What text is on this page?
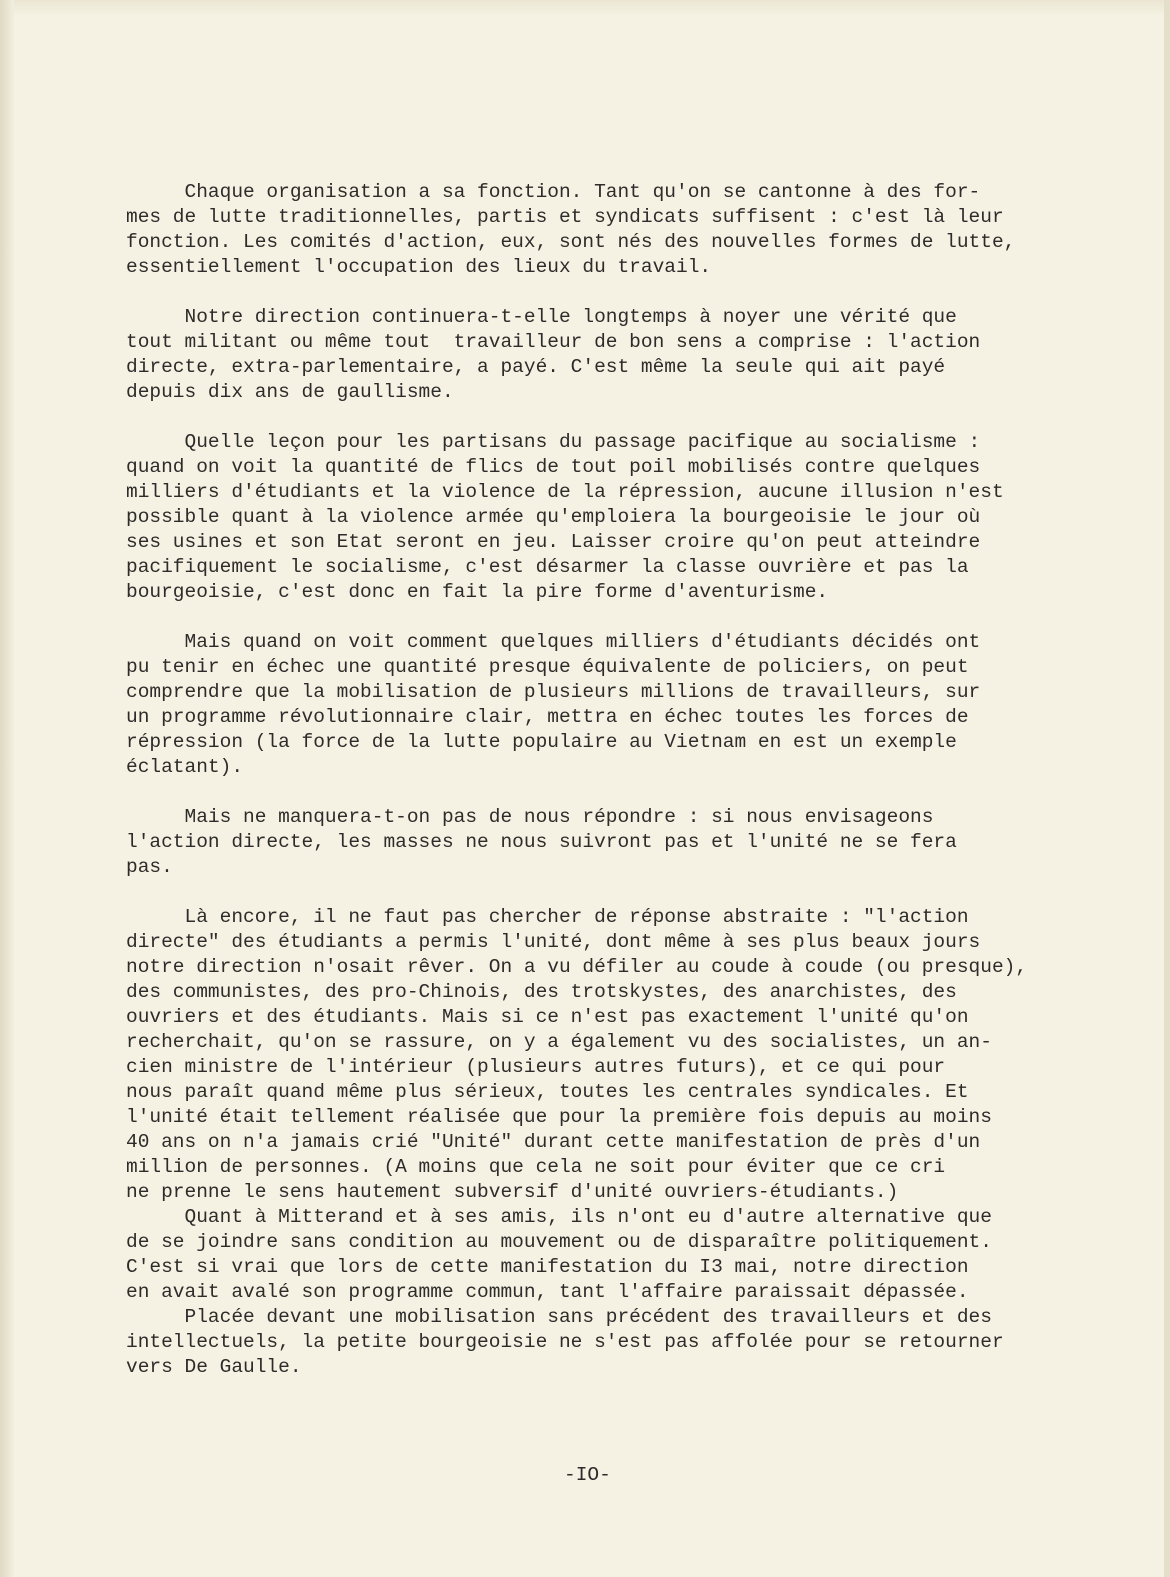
Chaque organisation a sa fonction. Tant qu'on se cantonne à des for-
mes de lutte traditionnelles, partis et syndicats suffisent : c'est là leur
fonction. Les comités d'action, eux, sont nés des nouvelles formes de lutte,
essentiellement l'occupation des lieux du travail.
Notre direction continuera-t-elle longtemps à noyer une vérité que
tout militant ou même tout  travailleur de bon sens a comprise : l'action
directe, extra-parlementaire, a payé. C'est même la seule qui ait payé
depuis dix ans de gaullisme.
Quelle leçon pour les partisans du passage pacifique au socialisme :
quand on voit la quantité de flics de tout poil mobilisés contre quelques
milliers d'étudiants et la violence de la répression, aucune illusion n'est
possible quant à la violence armée qu'emploiera la bourgeoisie le jour où
ses usines et son Etat seront en jeu. Laisser croire qu'on peut atteindre
pacifiquement le socialisme, c'est désarmer la classe ouvrière et pas la
bourgeoisie, c'est donc en fait la pire forme d'aventurisme.
Mais quand on voit comment quelques milliers d'étudiants décidés ont
pu tenir en échec une quantité presque équivalente de policiers, on peut
comprendre que la mobilisation de plusieurs millions de travailleurs, sur
un programme révolutionnaire clair, mettra en échec toutes les forces de
répression (la force de la lutte populaire au Vietnam en est un exemple
éclatant).
Mais ne manquera-t-on pas de nous répondre : si nous envisageons
l'action directe, les masses ne nous suivront pas et l'unité ne se fera
pas.
Là encore, il ne faut pas chercher de réponse abstraite : "l'action
directe" des étudiants a permis l'unité, dont même à ses plus beaux jours
notre direction n'osait rêver. On a vu défiler au coude à coude (ou presque),
des communistes, des pro-Chinois, des trotskystes, des anarchistes, des
ouvriers et des étudiants. Mais si ce n'est pas exactement l'unité qu'on
recherchait, qu'on se rassure, on y a également vu des socialistes, un an-
cien ministre de l'intérieur (plusieurs autres futurs), et ce qui pour
nous paraît quand même plus sérieux, toutes les centrales syndicales. Et
l'unité était tellement réalisée que pour la première fois depuis au moins
40 ans on n'a jamais crié "Unité" durant cette manifestation de près d'un
million de personnes. (A moins que cela ne soit pour éviter que ce cri
ne prenne le sens hautement subversif d'unité ouvriers-étudiants.)
Quant à Mitterand et à ses amis, ils n'ont eu d'autre alternative que
de se joindre sans condition au mouvement ou de disparaître politiquement.
C'est si vrai que lors de cette manifestation du I3 mai, notre direction
en avait avalé son programme commun, tant l'affaire paraissait dépassée.
Placée devant une mobilisation sans précédent des travailleurs et des
intellectuels, la petite bourgeoisie ne s'est pas affolée pour se retourner
vers De Gaulle.
-IO-
